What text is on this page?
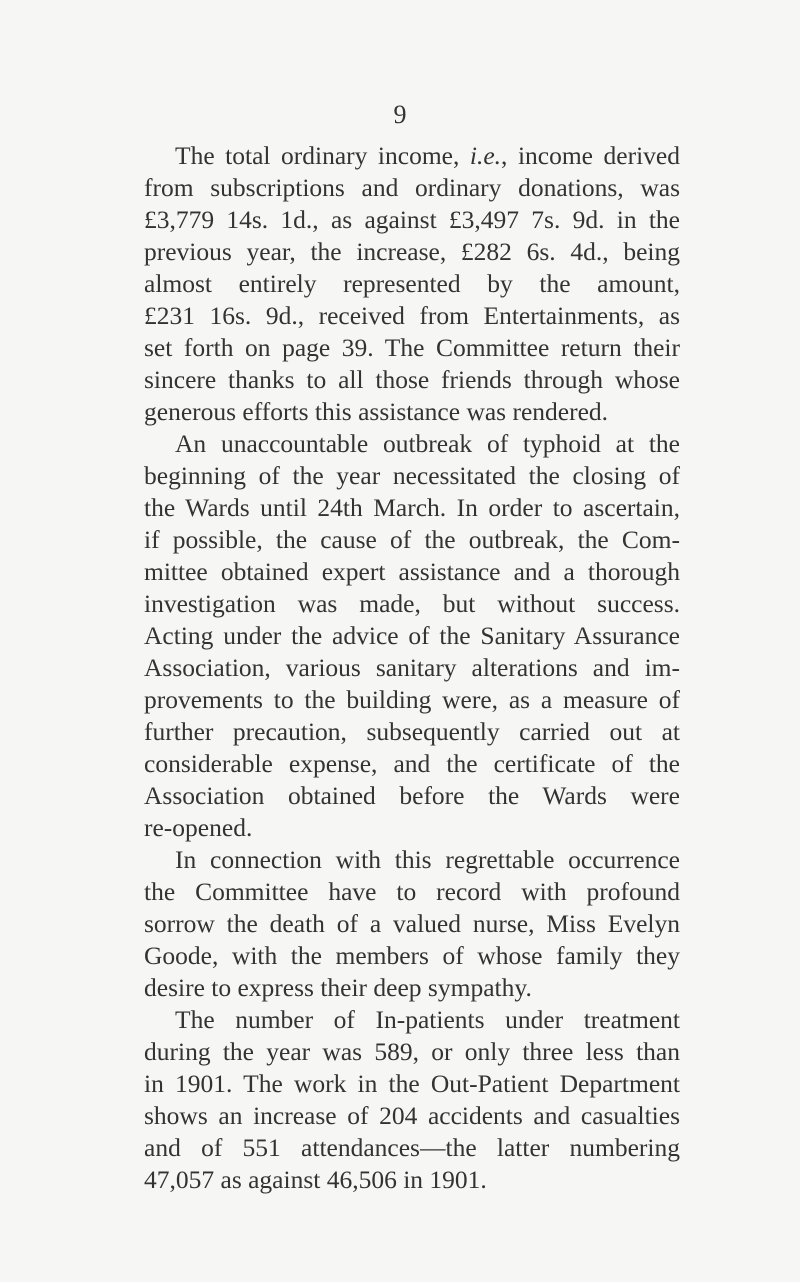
9
The total ordinary income, i.e., income derived
from subscriptions and ordinary donations, was
£3,779 14s. 1d., as against £3,497 7s. 9d. in the
previous year, the increase, £282 6s. 4d., being
almost entirely represented by the amount,
£231 16s. 9d., received from Entertainments, as
set forth on page 39. The Committee return their
sincere thanks to all those friends through whose
generous efforts this assistance was rendered.
An unaccountable outbreak of typhoid at the
beginning of the year necessitated the closing of
the Wards until 24th March. In order to ascertain,
if possible, the cause of the outbreak, the Com-
mittee obtained expert assistance and a thorough
investigation was made, but without success.
Acting under the advice of the Sanitary Assurance
Association, various sanitary alterations and im-
provements to the building were, as a measure of
further precaution, subsequently carried out at
considerable expense, and the certificate of the
Association obtained before the Wards were
re-opened.
In connection with this regrettable occurrence
the Committee have to record with profound
sorrow the death of a valued nurse, Miss Evelyn
Goode, with the members of whose family they
desire to express their deep sympathy.
The number of In-patients under treatment
during the year was 589, or only three less than
in 1901. The work in the Out-Patient Department
shows an increase of 204 accidents and casualties
and of 551 attendances—the latter numbering
47,057 as against 46,506 in 1901.
